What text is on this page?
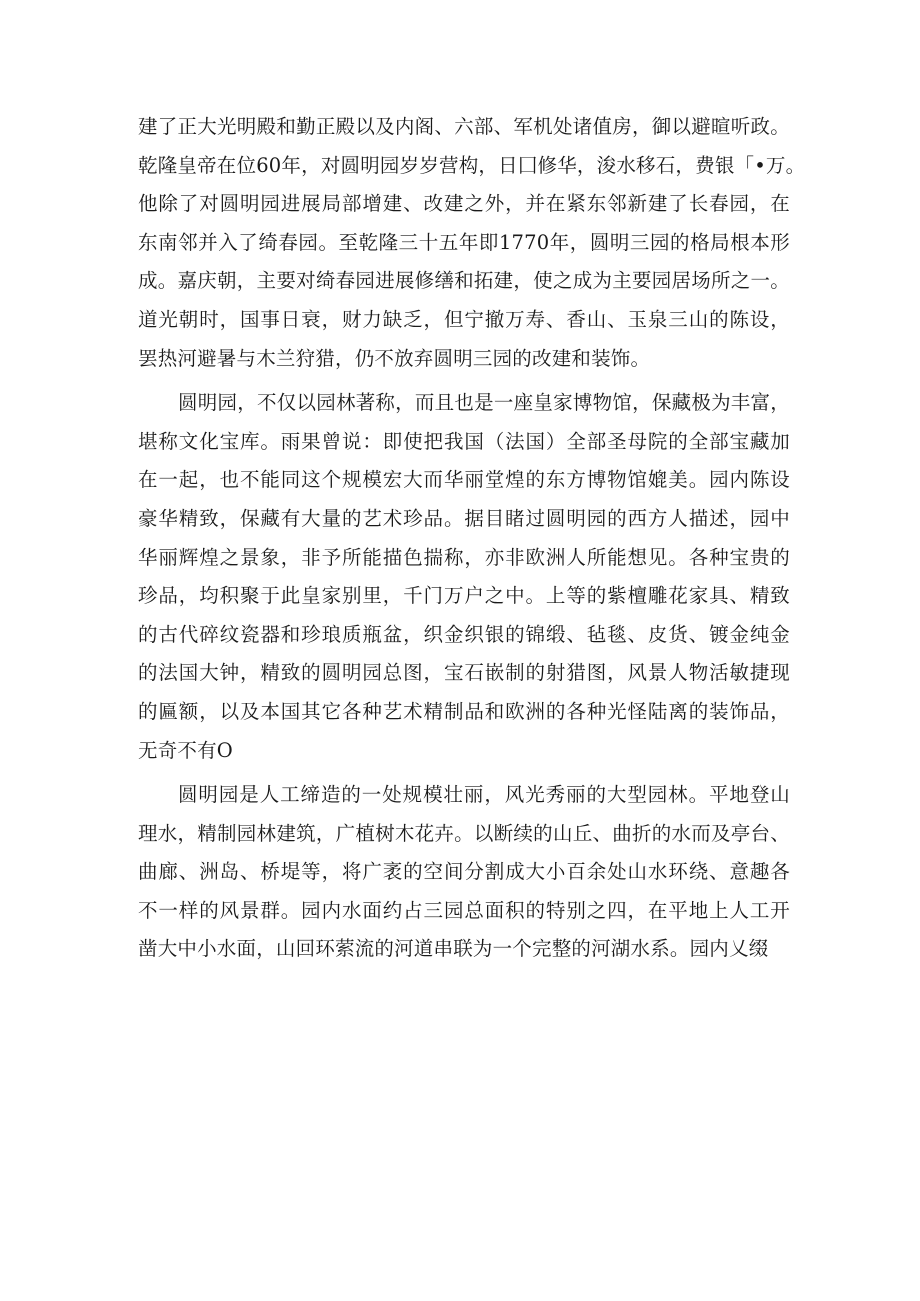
建了正大光明殿和勤正殿以及内阁、六部、军机处诸值房，御以避暄听政。
乾隆皇帝在位60年，对圆明园岁岁营构，日囗修华，浚水移石，费银「•万。
他除了对圆明园进展局部增建、改建之外，并在紧东邻新建了长春园，在
东南邻并入了绮春园。至乾隆三十五年即1770年，圆明三园的格局根本形
成。嘉庆朝，主要对绮春园进展修缮和拓建，使之成为主要园居场所之一。
道光朝时，国事日衰，财力缺乏，但宁撤万寿、香山、玉泉三山的陈设，
罢热河避暑与木兰狩猎，仍不放弃圆明三园的改建和装饰。
圆明园，不仅以园林著称，而且也是一座皇家博物馆，保藏极为丰富，
堪称文化宝库。雨果曾说：即使把我国（法国）全部圣母院的全部宝藏加
在一起，也不能同这个规模宏大而华丽堂煌的东方博物馆媲美。园内陈设
豪华精致，保藏有大量的艺术珍品。据目睹过圆明园的西方人描述，园中
华丽辉煌之景象，非予所能描色揣称，亦非欧洲人所能想见。各种宝贵的
珍品，均积聚于此皇家别里，千门万户之中。上等的紫檀雕花家具、精致
的古代碎纹瓷器和珍琅质瓶盆，织金织银的锦缎、毡毯、皮货、镀金纯金
的法国大钟，精致的圆明园总图，宝石嵌制的射猎图，风景人物活敏捷现
的匾额，以及本国其它各种艺术精制品和欧洲的各种光怪陆离的装饰品，
无奇不有O
圆明园是人工缔造的一处规模壮丽，风光秀丽的大型园林。平地登山
理水，精制园林建筑，广植树木花卉。以断续的山丘、曲折的水而及亭台、
曲廊、洲岛、桥堤等，将广袤的空间分割成大小百余处山水环绕、意趣各
不一样的风景群。园内水面约占三园总面积的特别之四，在平地上人工开
凿大中小水面，山回环萦流的河道串联为一个完整的河湖水系。园内乂缀
